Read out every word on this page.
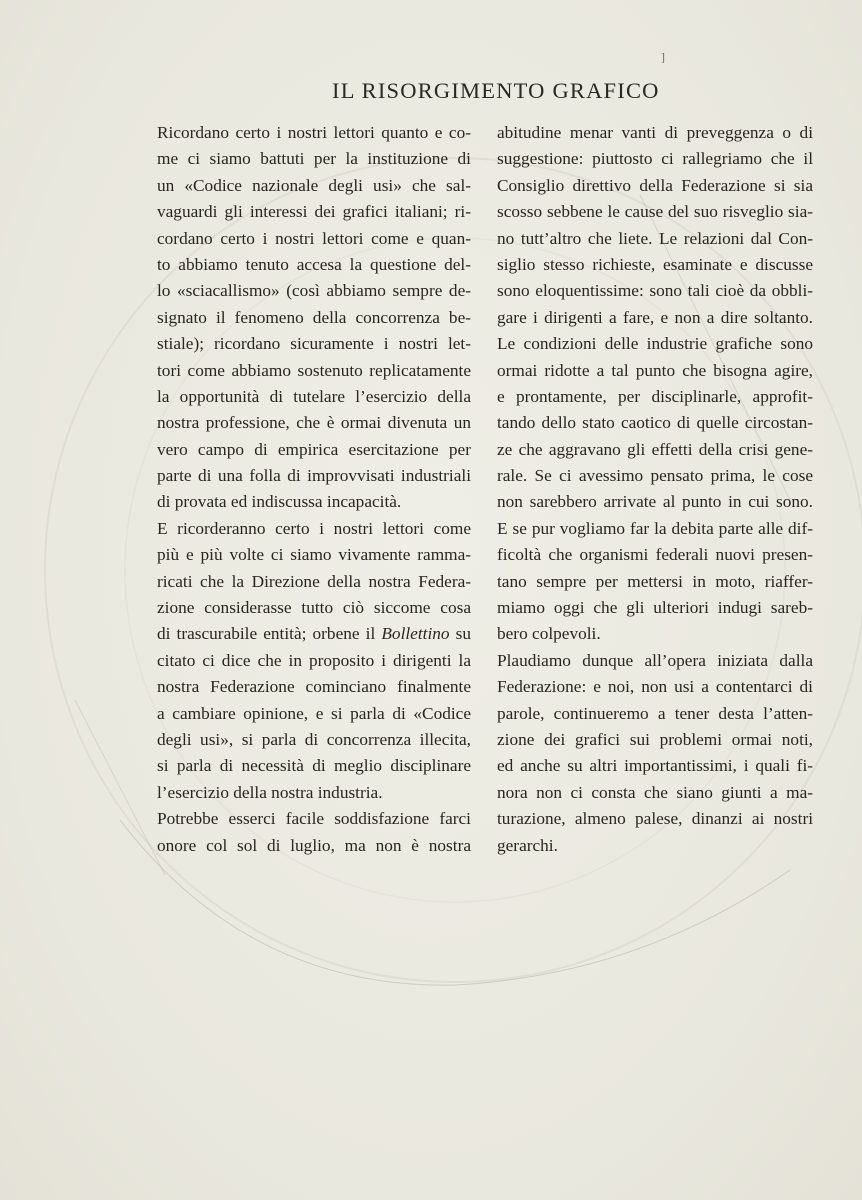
]
IL RISORGIMENTO GRAFICO
Ricordano certo i nostri lettori quanto e co-
me ci siamo battuti per la instituzione di
un «Codice nazionale degli usi» che sal-
vaguardi gli interessi dei grafici italiani; ri-
cordano certo i nostri lettori come e quan-
to abbiamo tenuto accesa la questione del-
lo «sciacallismo» (così abbiamo sempre de-
signato il fenomeno della concorrenza be-
stiale); ricordano sicuramente i nostri let-
tori come abbiamo sostenuto replicatamente
la opportunità di tutelare l’esercizio della
nostra professione, che è ormai divenuta un
vero campo di empirica esercitazione per
parte di una folla di improvvisati industriali
di provata ed indiscussa incapacità.
E ricorderanno certo i nostri lettori come
più e più volte ci siamo vivamente ramma-
ricati che la Direzione della nostra Federa-
zione considerasse tutto ciò siccome cosa
di trascurabile entità; orbene il Bollettino su
citato ci dice che in proposito i dirigenti la
nostra Federazione cominciano finalmente
a cambiare opinione, e si parla di «Codice
degli usi», si parla di concorrenza illecita,
si parla di necessità di meglio disciplinare
l’esercizio della nostra industria.
Potrebbe esserci facile soddisfazione farci
onore col sol di luglio, ma non è nostra
abitudine menar vanti di preveggenza o di
suggestione: piuttosto ci rallegriamo che il
Consiglio direttivo della Federazione si sia
scosso sebbene le cause del suo risveglio sia-
no tutt’altro che liete. Le relazioni dal Con-
siglio stesso richieste, esaminate e discusse
sono eloquentissime: sono tali cioè da obbli-
gare i dirigenti a fare, e non a dire soltanto.
Le condizioni delle industrie grafiche sono
ormai ridotte a tal punto che bisogna agire,
e prontamente, per disciplinarle, approfit-
tando dello stato caotico di quelle circostan-
ze che aggravano gli effetti della crisi gene-
rale. Se ci avessimo pensato prima, le cose
non sarebbero arrivate al punto in cui sono.
E se pur vogliamo far la debita parte alle dif-
ficoltà che organismi federali nuovi presen-
tano sempre per mettersi in moto, riaffer-
miamo oggi che gli ulteriori indugi sareb-
bero colpevoli.
Plaudiamo dunque all’opera iniziata dalla
Federazione: e noi, non usi a contentarci di
parole, continueremo a tener desta l’atten-
zione dei grafici sui problemi ormai noti,
ed anche su altri importantissimi, i quali fi-
nora non ci consta che siano giunti a ma-
turazione, almeno palese, dinanzi ai nostri
gerarchi.
